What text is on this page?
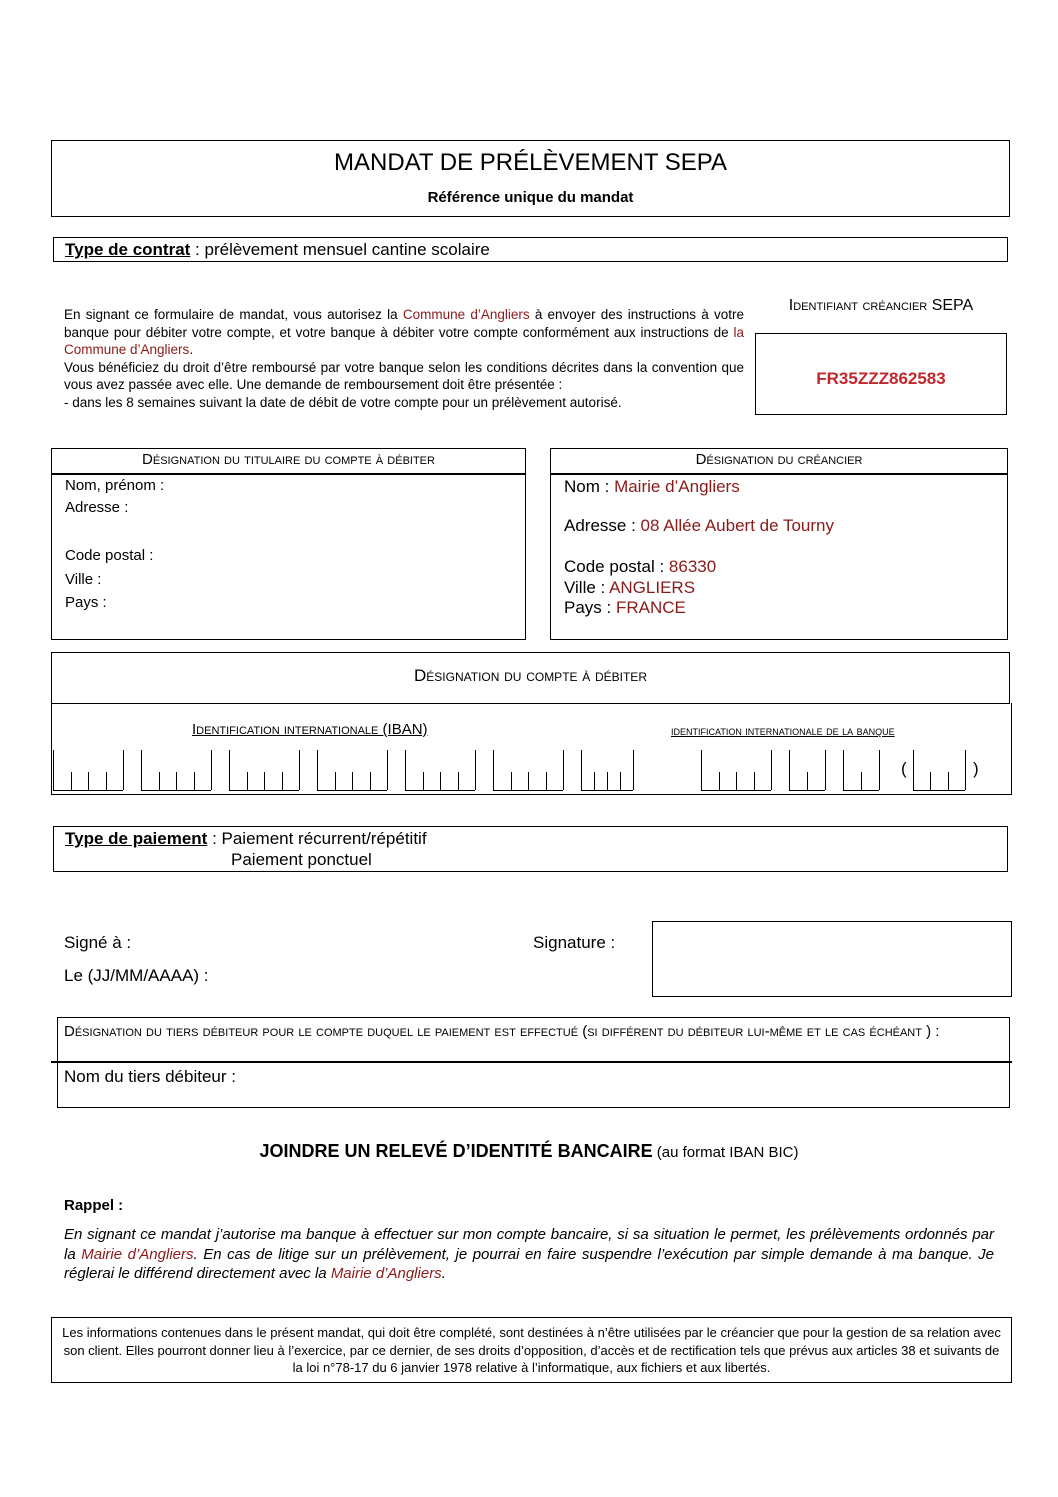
MANDAT DE PRÉLÈVEMENT SEPA
Référence unique du mandat
Type de contrat : prélèvement mensuel cantine scolaire
En signant ce formulaire de mandat, vous autorisez la Commune d’Angliers à envoyer des instructions à votre banque pour débiter votre compte, et votre banque à débiter votre compte conformément aux instructions de la Commune d’Angliers.
Vous bénéficiez du droit d’être remboursé par votre banque selon les conditions décrites dans la convention que vous avez passée avec elle. Une demande de remboursement doit être présentée :
- dans les 8 semaines suivant la date de débit de votre compte pour un prélèvement autorisé.
Identifiant créancier SEPA
FR35ZZZ862583
Désignation du titulaire du compte à débiter
Nom, prénom :
Adresse :
Code postal :
Ville :
Pays :
Désignation du créancier
Nom : Mairie d’Angliers
Adresse : 08 Allée Aubert de Tourny
Code postal : 86330
Ville : ANGLIERS
Pays : FRANCE
Désignation du compte à débiter
Identification internationale (IBAN)	identification internationale de la banque
(	)
Type de paiement : Paiement récurrent/répétitif
Paiement ponctuel
Signé à :
Le (JJ/MM/AAAA) :
Signature :
Désignation du tiers débiteur pour le compte duquel le paiement est effectué (si différent du débiteur lui-même et le cas échéant ) :
Nom du tiers débiteur :
JOINDRE UN RELEVÉ D’IDENTITÉ BANCAIRE (au format IBAN BIC)
Rappel :
En signant ce mandat j’autorise ma banque à effectuer sur mon compte bancaire, si sa situation le permet, les prélèvements ordonnés par la Mairie d’Angliers. En cas de litige sur un prélèvement, je pourrai en faire suspendre l’exécution par simple demande à ma banque. Je réglerai le différend directement avec la Mairie d’Angliers.
Les informations contenues dans le présent mandat, qui doit être complété, sont destinées à n’être utilisées par le créancier que pour la gestion de sa relation avec son client. Elles pourront donner lieu à l’exercice, par ce dernier, de ses droits d’opposition, d’accès et de rectification tels que prévus aux articles 38 et suivants de la loi n°78-17 du 6 janvier 1978 relative à l’informatique, aux fichiers et aux libertés.
